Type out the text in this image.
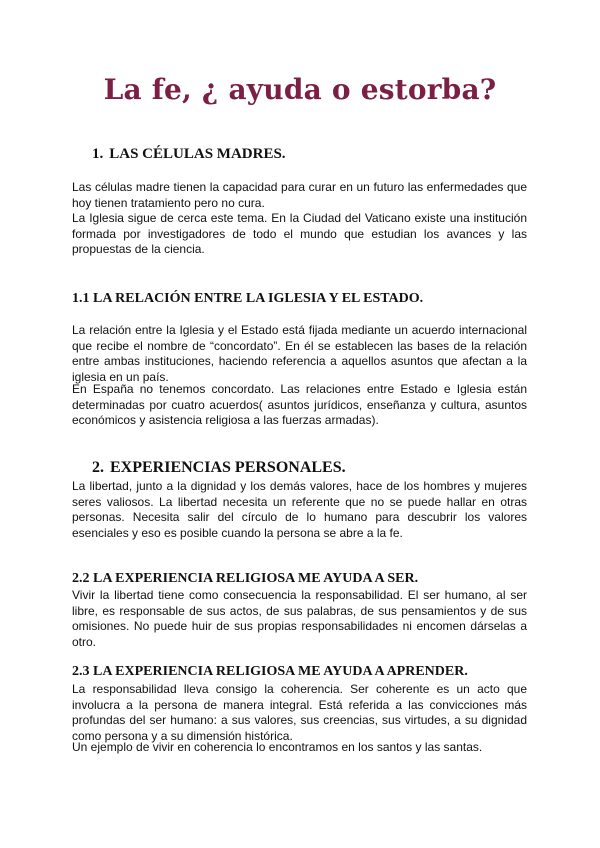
La fe, ¿ ayuda o estorba?
1. LAS CÉLULAS MADRES.

Las células madre tienen la capacidad para curar en un futuro las enfermedades que hoy tienen tratamiento pero no cura.

La Iglesia sigue de cerca este tema. En la Ciudad del Vaticano existe una institución formada por investigadores de todo el mundo que estudian los avances y las propuestas de la ciencia.

1.1 LA RELACIÓN ENTRE LA IGLESIA Y EL ESTADO.

La relación entre la Iglesia y el Estado está fijada mediante un acuerdo internacional que recibe el nombre de “concordato”. En él se establecen las bases de la relación entre ambas instituciones, haciendo referencia a aquellos asuntos que afectan a la iglesia en un país.

En España no tenemos concordato. Las relaciones entre Estado e Iglesia están determinadas por cuatro acuerdos( asuntos jurídicos, enseñanza y cultura, asuntos económicos y asistencia religiosa a las fuerzas armadas).

2. EXPERIENCIAS PERSONALES.

La libertad, junto a la dignidad y los demás valores, hace de los hombres y mujeres seres valiosos. La libertad necesita un referente que no se puede hallar en otras personas. Necesita salir del círculo de lo humano para descubrir los valores esenciales y eso es posible cuando la persona se abre a la fe.

2.2 LA EXPERIENCIA RELIGIOSA ME AYUDA A SER.

Vivir la libertad tiene como consecuencia la responsabilidad. El ser humano, al ser libre, es responsable de sus actos, de sus palabras, de sus pensamientos y de sus omisiones. No puede huir de sus propias responsabilidades ni encomen dárselas a otro.

2.3 LA EXPERIENCIA RELIGIOSA ME AYUDA A APRENDER.

La responsabilidad lleva consigo la coherencia. Ser coherente es un acto que involucra a la persona de manera integral. Está referida a las convicciones más profundas del ser humano: a sus valores, sus creencias, sus virtudes, a su dignidad como persona y a su dimensión histórica.

Un ejemplo de vivir en coherencia lo encontramos en los santos y las santas.
